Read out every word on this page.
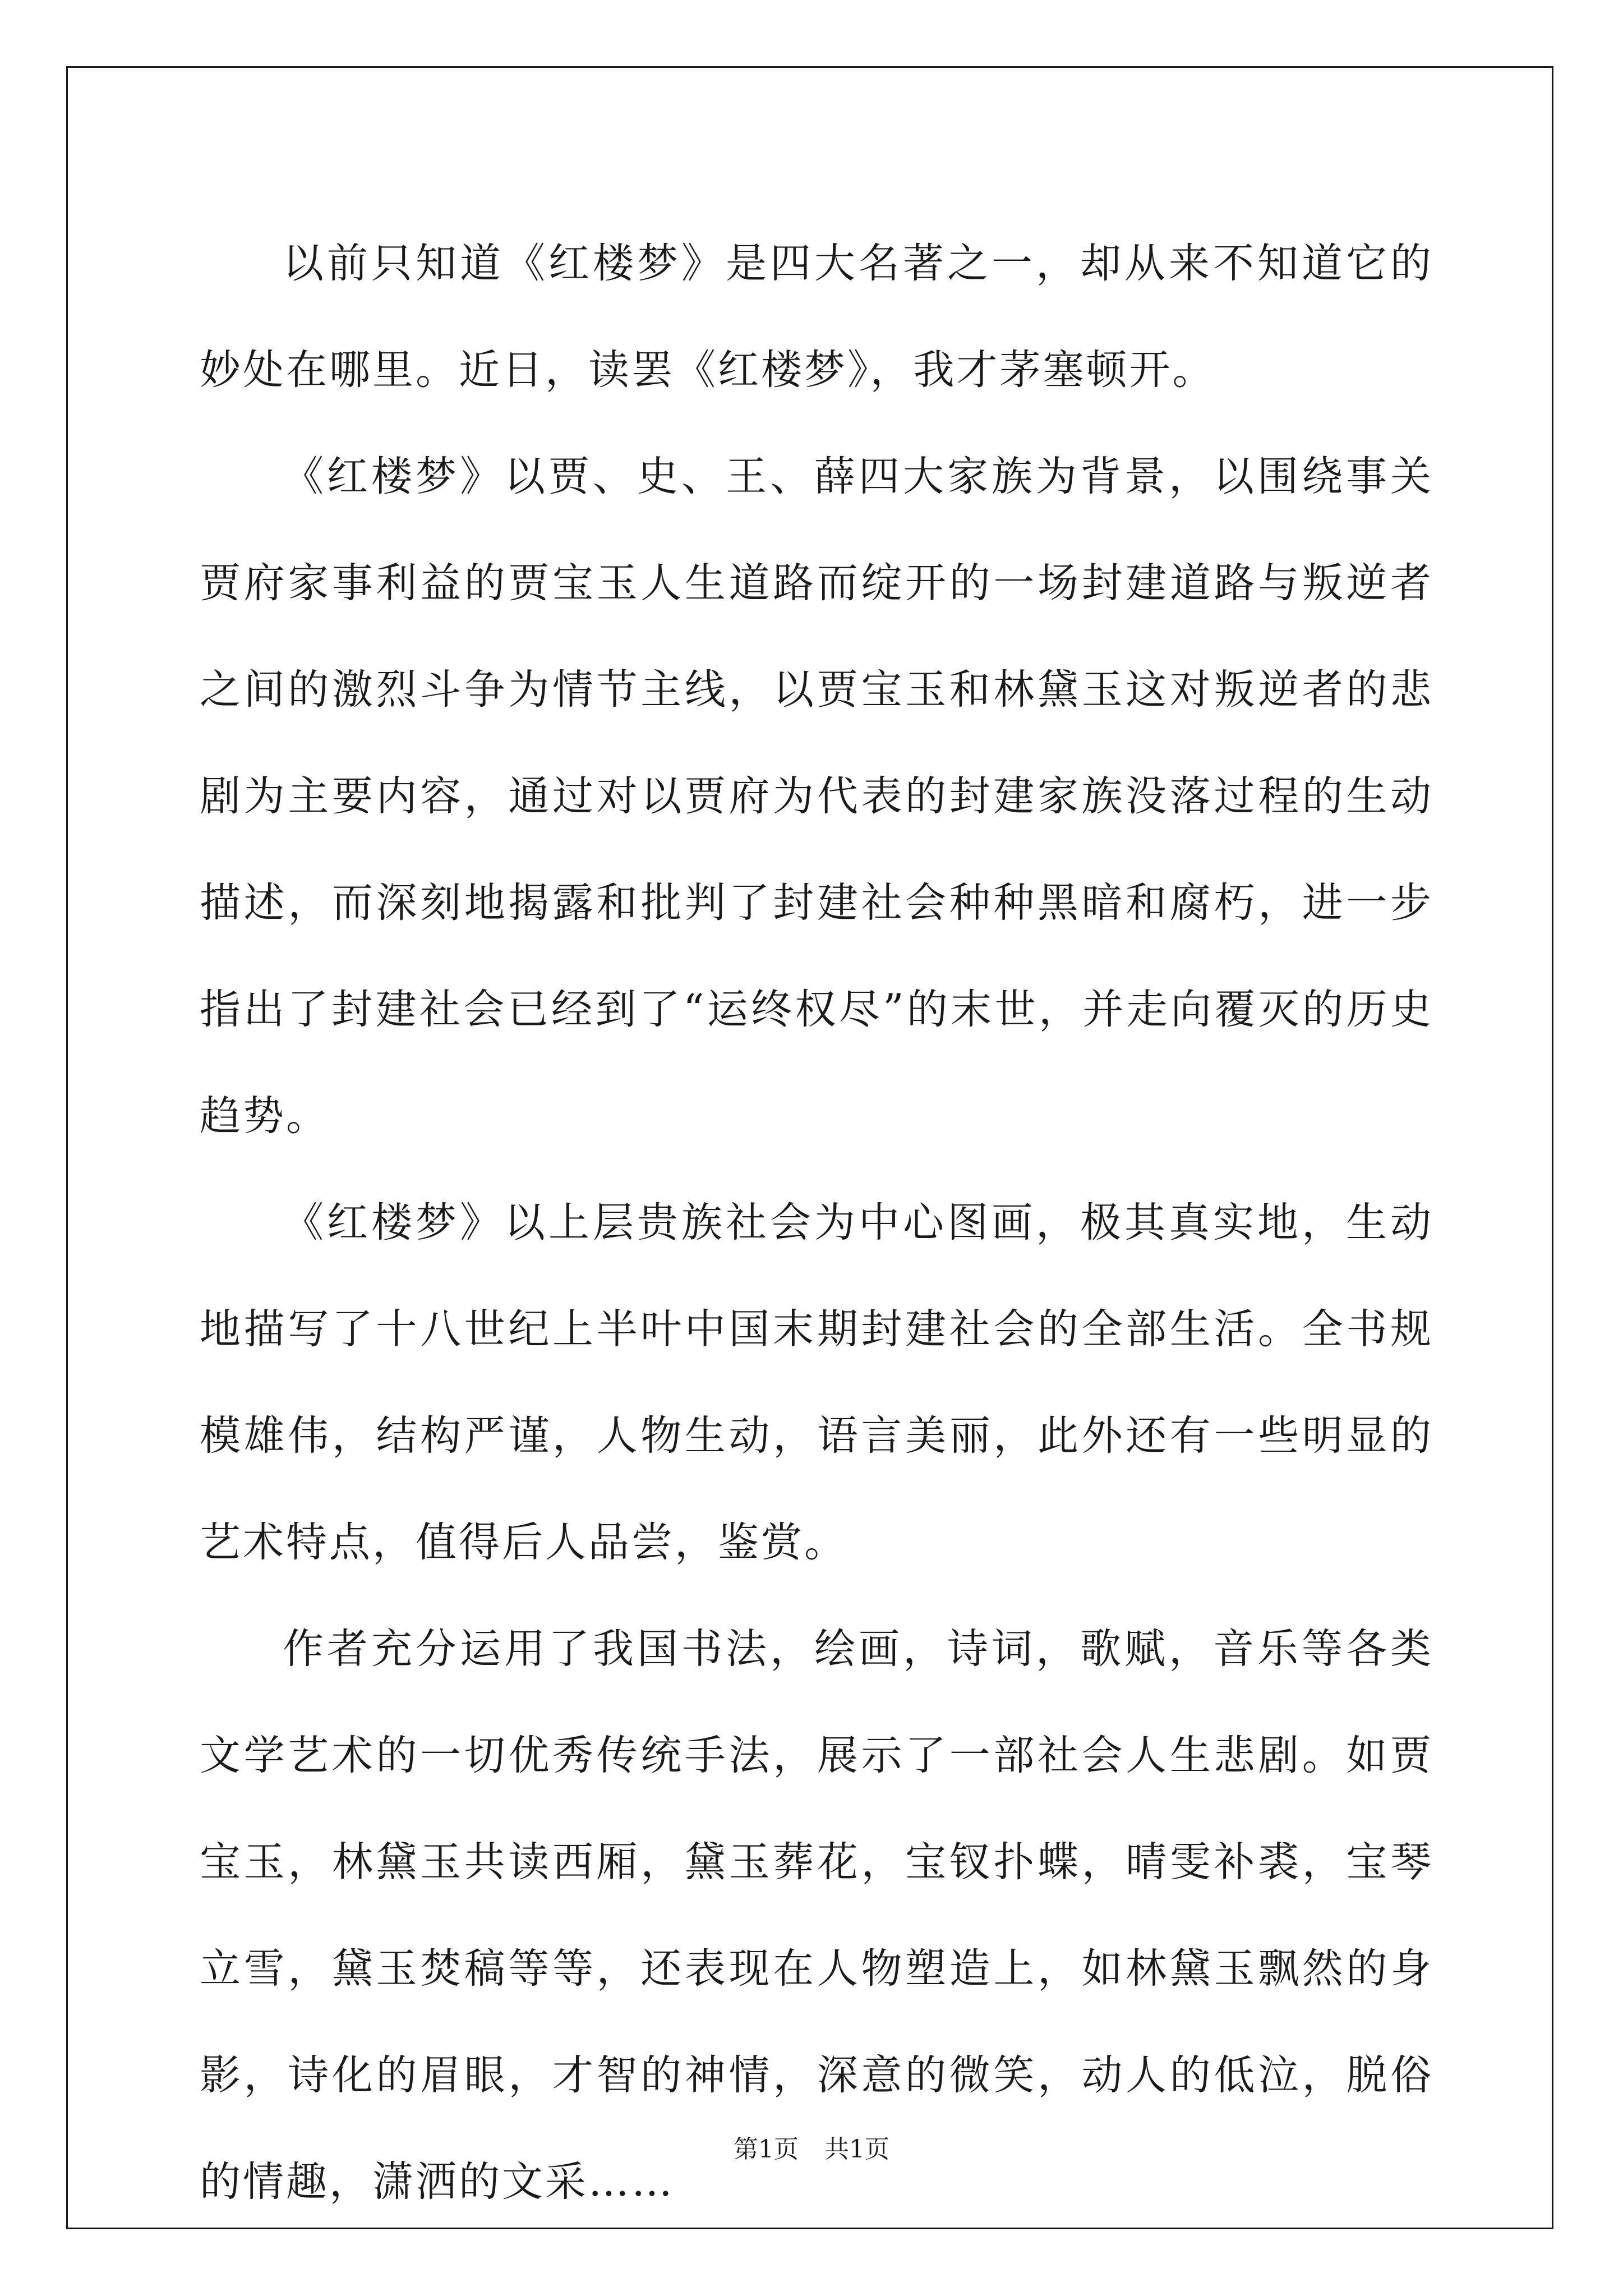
以前只知道《红楼梦》是四大名著之一，却从来不知道它的妙处在哪里。近日，读罢《红楼梦》，我才茅塞顿开。

《红楼梦》以贾、史、王、薛四大家族为背景，以围绕事关贾府家事利益的贾宝玉人生道路而绽开的一场封建道路与叛逆者之间的激烈斗争为情节主线，以贾宝玉和林黛玉这对叛逆者的悲剧为主要内容，通过对以贾府为代表的封建家族没落过程的生动描述，而深刻地揭露和批判了封建社会种种黑暗和腐朽，进一步指出了封建社会已经到了“运终权尽”的末世，并走向覆灭的历史趋势。

《红楼梦》以上层贵族社会为中心图画，极其真实地，生动地描写了十八世纪上半叶中国末期封建社会的全部生活。全书规模雄伟，结构严谨，人物生动，语言美丽，此外还有一些明显的艺术特点，值得后人品尝，鉴赏。

作者充分运用了我国书法，绘画，诗词，歌赋，音乐等各类文学艺术的一切优秀传统手法，展示了一部社会人生悲剧。如贾宝玉，林黛玉共读西厢，黛玉葬花，宝钗扑蝶，晴雯补裘，宝琴立雪，黛玉焚稿等等，还表现在人物塑造上，如林黛玉飘然的身影，诗化的眉眼，才智的神情，深意的微笑，动人的低泣，脱俗的情趣，潇洒的文采……

第1页 共1页
